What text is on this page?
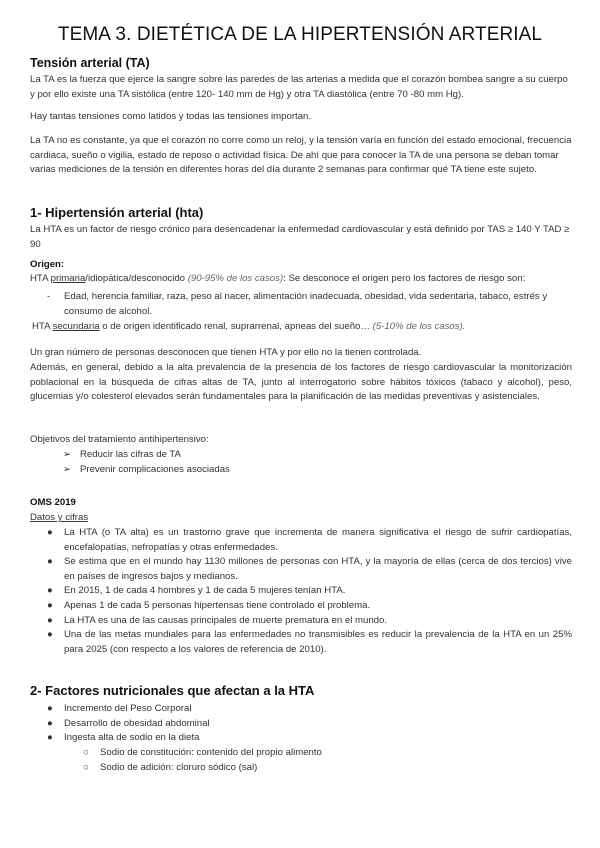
TEMA 3. DIETÉTICA DE LA HIPERTENSIÓN ARTERIAL
Tensión arterial (TA)
La TA es la fuerza que ejerce la sangre sobre las paredes de las arterias a medida que el corazón bombea sangre a su cuerpo y por ello existe una TA sistólica (entre 120- 140 mm de Hg) y otra TA diastólica (entre 70 -80 mm Hg).
Hay tantas tensiones como latidos y todas las tensiones importan.
La TA no es constante, ya que el corazón no corre como un reloj, y la tensión varía en función del estado emocional, frecuencia cardiaca, sueño o vigilia, estado de reposo o actividad física. De ahí que para conocer la TA de una persona se deban tomar varias mediciones de la tensión en diferentes horas del día durante 2 semanas para confirmar qué TA tiene este sujeto.
1- Hipertensión arterial (hta)
La HTA es un factor de riesgo crónico para desencadenar la enfermedad cardiovascular y está definido por TAS ≥ 140 Y TAD ≥ 90
Origen:
HTA primaria/idiopática/desconocido (90-95% de los casos): Se desconoce el origen pero los factores de riesgo son:
- Edad, herencia familiar, raza, peso al nacer, alimentación inadecuada, obesidad, vida sedentaria, tabaco, estrés y consumo de alcohol.
HTA secundaria o de origen identificado renal, suprarrenal, apneas del sueño… (5-10% de los casos).
Un gran número de personas desconocen que tienen HTA y por ello no la tienen controlada.
Además, en general, debido a la alta prevalencia de la presencia de los factores de riesgo cardiovascular la monitorización poblacional en la búsqueda de cifras altas de TA, junto al interrogatorio sobre hábitos tóxicos (tabaco y alcohol), peso, glucemias y/o colesterol elevados serán fundamentales para la planificación de las medidas preventivas y asistenciales.
Objetivos del tratamiento antihipertensivo:
➢ Reducir las cifras de TA
➢ Prevenir complicaciones asociadas
OMS 2019
Datos y cifras
● La HTA (o TA alta) es un trastorno grave que incrementa de manera significativa el riesgo de sufrir cardiopatías, encefalopatías, nefropatías y otras enfermedades.
● Se estima que en el mundo hay 1130 millones de personas con HTA, y la mayoría de ellas (cerca de dos tercios) vive en países de ingresos bajos y medianos.
● En 2015, 1 de cada 4 hombres y 1 de cada 5 mujeres tenían HTA.
● Apenas 1 de cada 5 personas hipertensas tiene controlado el problema.
● La HTA es una de las causas principales de muerte prematura en el mundo.
● Una de las metas mundiales para las enfermedades no transmisibles es reducir la prevalencia de la HTA en un 25% para 2025 (con respecto a los valores de referencia de 2010).
2- Factores nutricionales que afectan a la HTA
● Incremento del Peso Corporal
● Desarrollo de obesidad abdominal
● Ingesta alta de sodio en la dieta
○ Sodio de constitución: contenido del propio alimento
○ Sodio de adición: cloruro sódico (sal)
